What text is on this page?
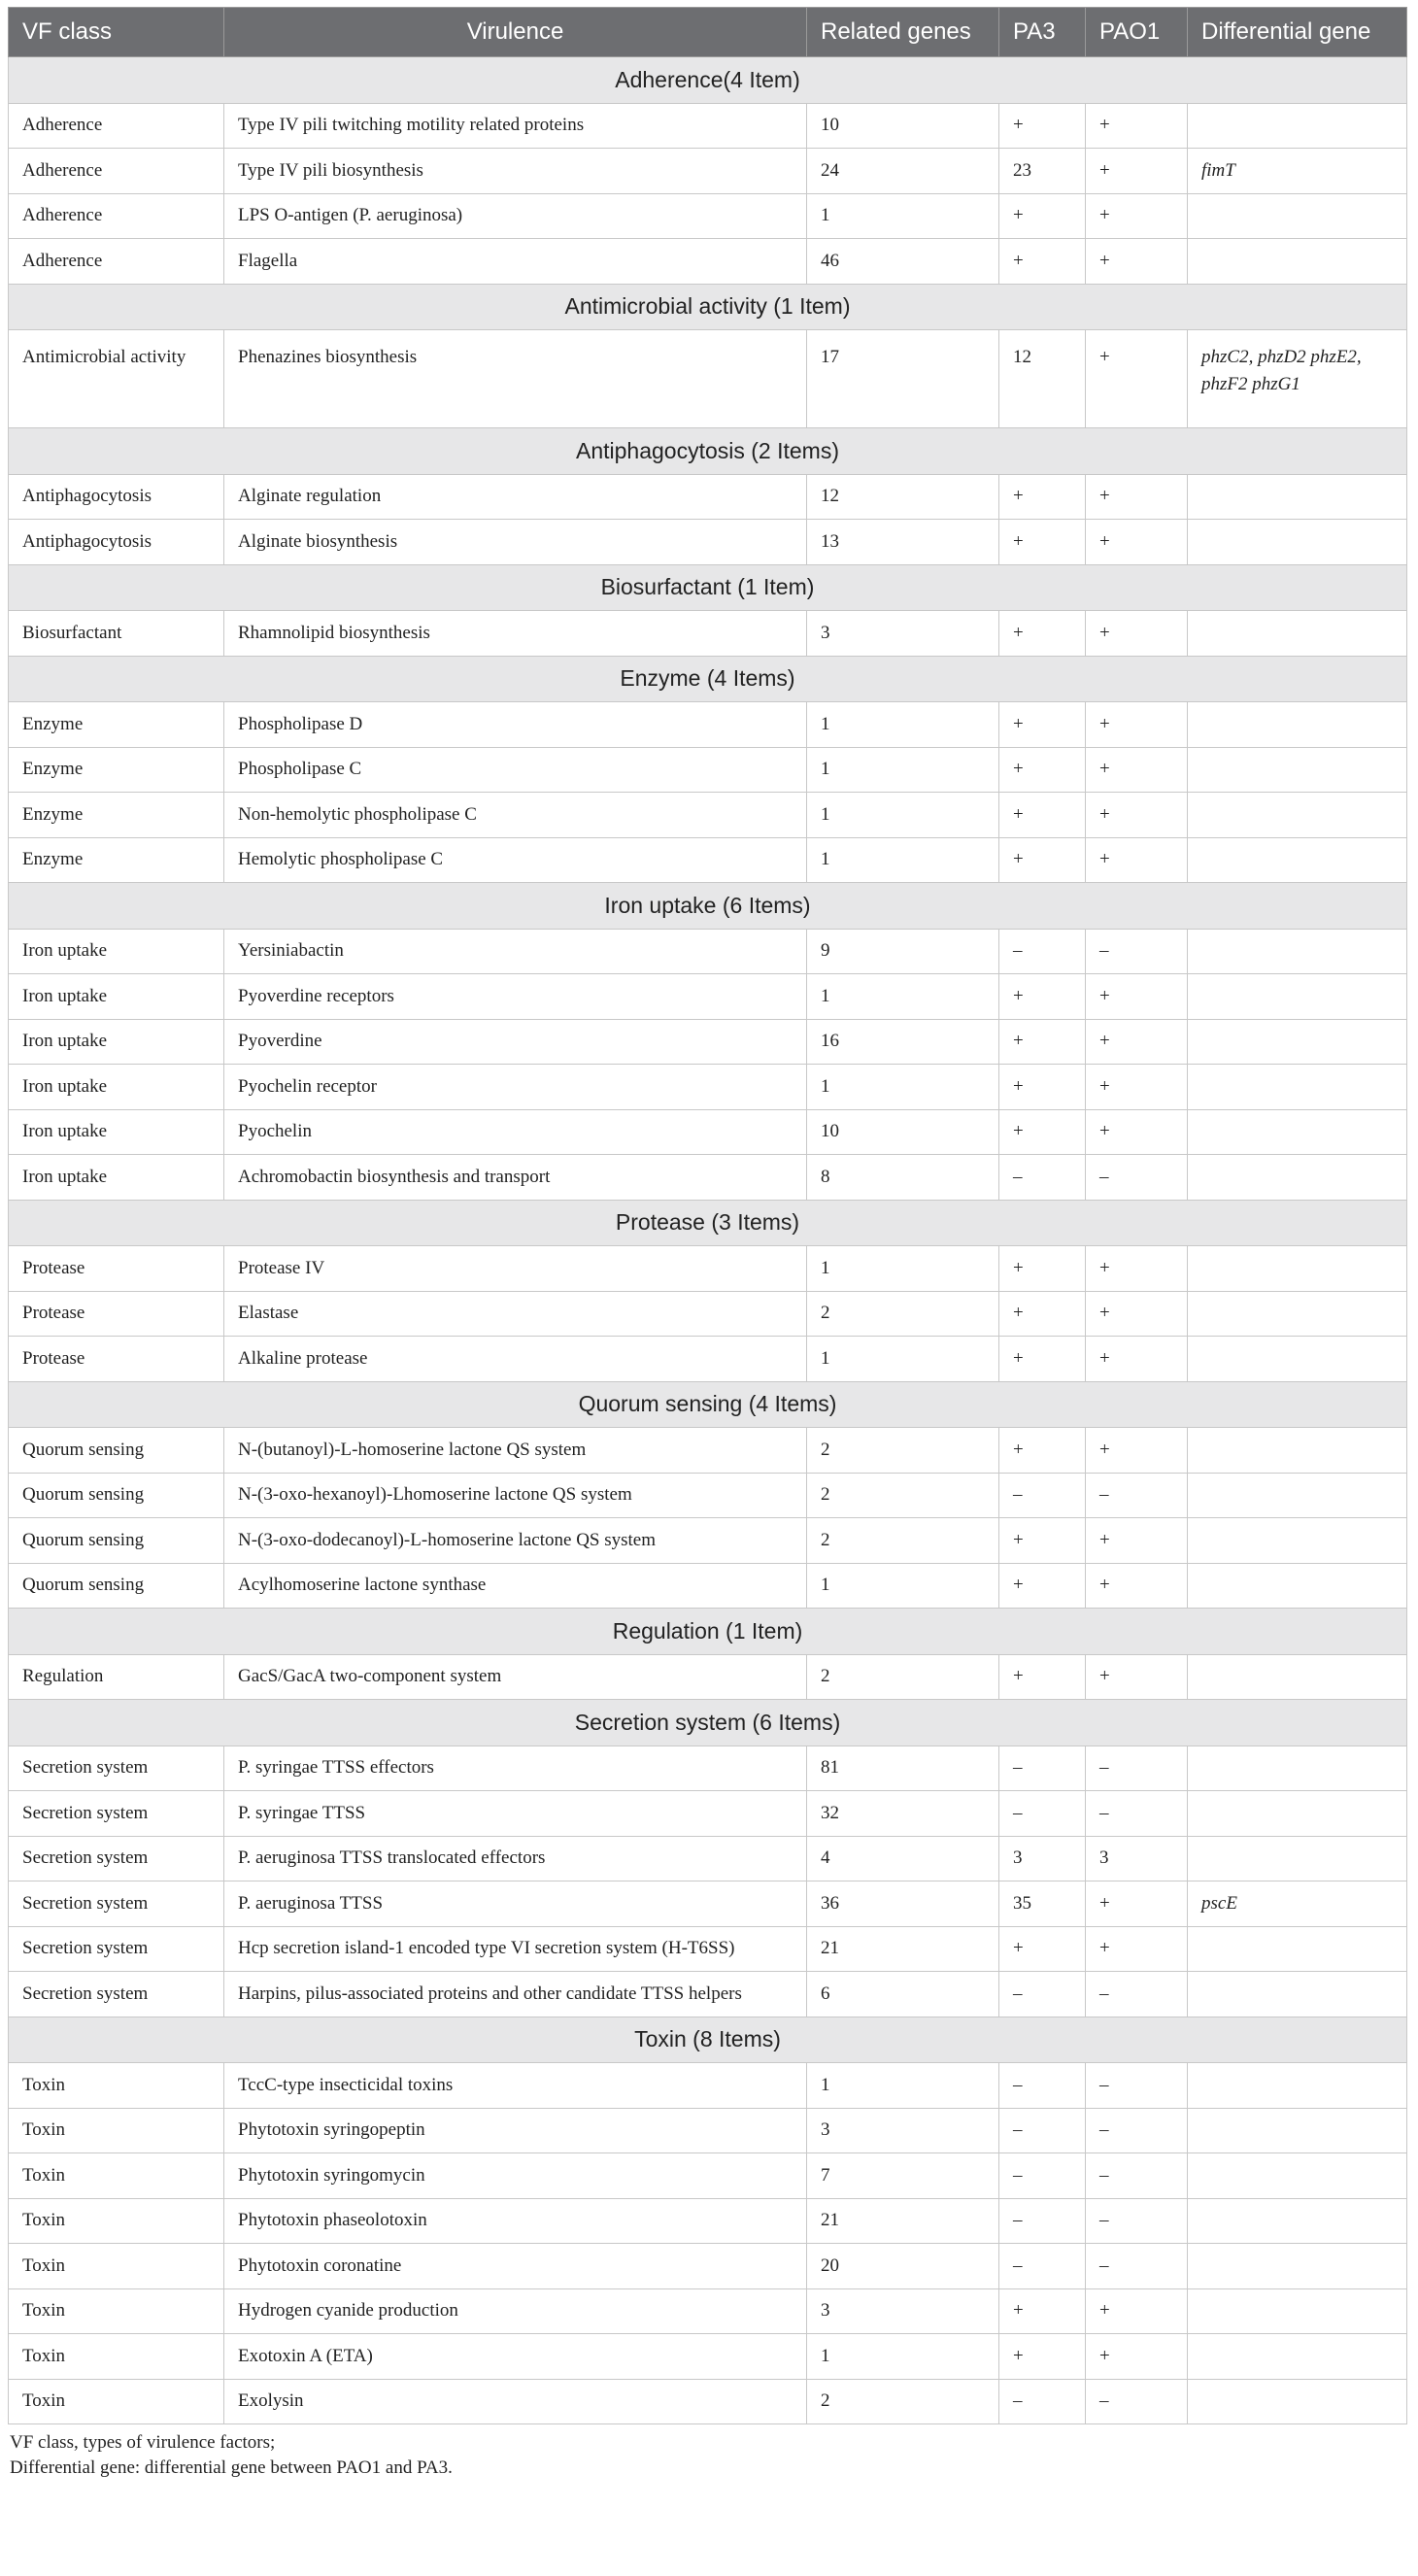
VF class	Virulence	Related genes	PA3	PAO1	Differential gene
Adherence(4 Item)					
Adherence	Type IV pili twitching motility related proteins	10	+	+	
Adherence	Type IV pili biosynthesis	24	23	+	fimT
Adherence	LPS O-antigen (P. aeruginosa)	1	+	+	
Adherence	Flagella	46	+	+	
Antimicrobial activity (1 Item)					
Antimicrobial activity	Phenazines biosynthesis	17	12	+	phzC2, phzD2 phzE2, phzF2 phzG1
Antiphagocytosis (2 Items)					
Antiphagocytosis	Alginate regulation	12	+	+	
Antiphagocytosis	Alginate biosynthesis	13	+	+	
Biosurfactant (1 Item)					
Biosurfactant	Rhamnolipid biosynthesis	3	+	+	
Enzyme (4 Items)					
Enzyme	Phospholipase D	1	+	+	
Enzyme	Phospholipase C	1	+	+	
Enzyme	Non-hemolytic phospholipase C	1	+	+	
Enzyme	Hemolytic phospholipase C	1	+	+	
Iron uptake (6 Items)					
Iron uptake	Yersiniabactin	9	–	–	
Iron uptake	Pyoverdine receptors	1	+	+	
Iron uptake	Pyoverdine	16	+	+	
Iron uptake	Pyochelin receptor	1	+	+	
Iron uptake	Pyochelin	10	+	+	
Iron uptake	Achromobactin biosynthesis and transport	8	–	–	
Protease (3 Items)					
Protease	Protease IV	1	+	+	
Protease	Elastase	2	+	+	
Protease	Alkaline protease	1	+	+	
Quorum sensing (4 Items)					
Quorum sensing	N-(butanoyl)-L-homoserine lactone QS system	2	+	+	
Quorum sensing	N-(3-oxo-hexanoyl)-Lhomoserine lactone QS system	2	–	–	
Quorum sensing	N-(3-oxo-dodecanoyl)-L-homoserine lactone QS system	2	+	+	
Quorum sensing	Acylhomoserine lactone synthase	1	+	+	
Regulation (1 Item)					
Regulation	GacS/GacA two-component system	2	+	+	
Secretion system (6 Items)					
Secretion system	P. syringae TTSS effectors	81	–	–	
Secretion system	P. syringae TTSS	32	–	–	
Secretion system	P. aeruginosa TTSS translocated effectors	4	3	3	
Secretion system	P. aeruginosa TTSS	36	35	+	pscE
Secretion system	Hcp secretion island-1 encoded type VI secretion system (H-T6SS)	21	+	+	
Secretion system	Harpins, pilus-associated proteins and other candidate TTSS helpers	6	–	–	
Toxin (8 Items)					
Toxin	TccC-type insecticidal toxins	1	–	–	
Toxin	Phytotoxin syringopeptin	3	–	–	
Toxin	Phytotoxin syringomycin	7	–	–	
Toxin	Phytotoxin phaseolotoxin	21	–	–	
Toxin	Phytotoxin coronatine	20	–	–	
Toxin	Hydrogen cyanide production	3	+	+	
Toxin	Exotoxin A (ETA)	1	+	+	
Toxin	Exolysin	2	–	–	
VF class, types of virulence factors;
Differential gene: differential gene between PAO1 and PA3.
